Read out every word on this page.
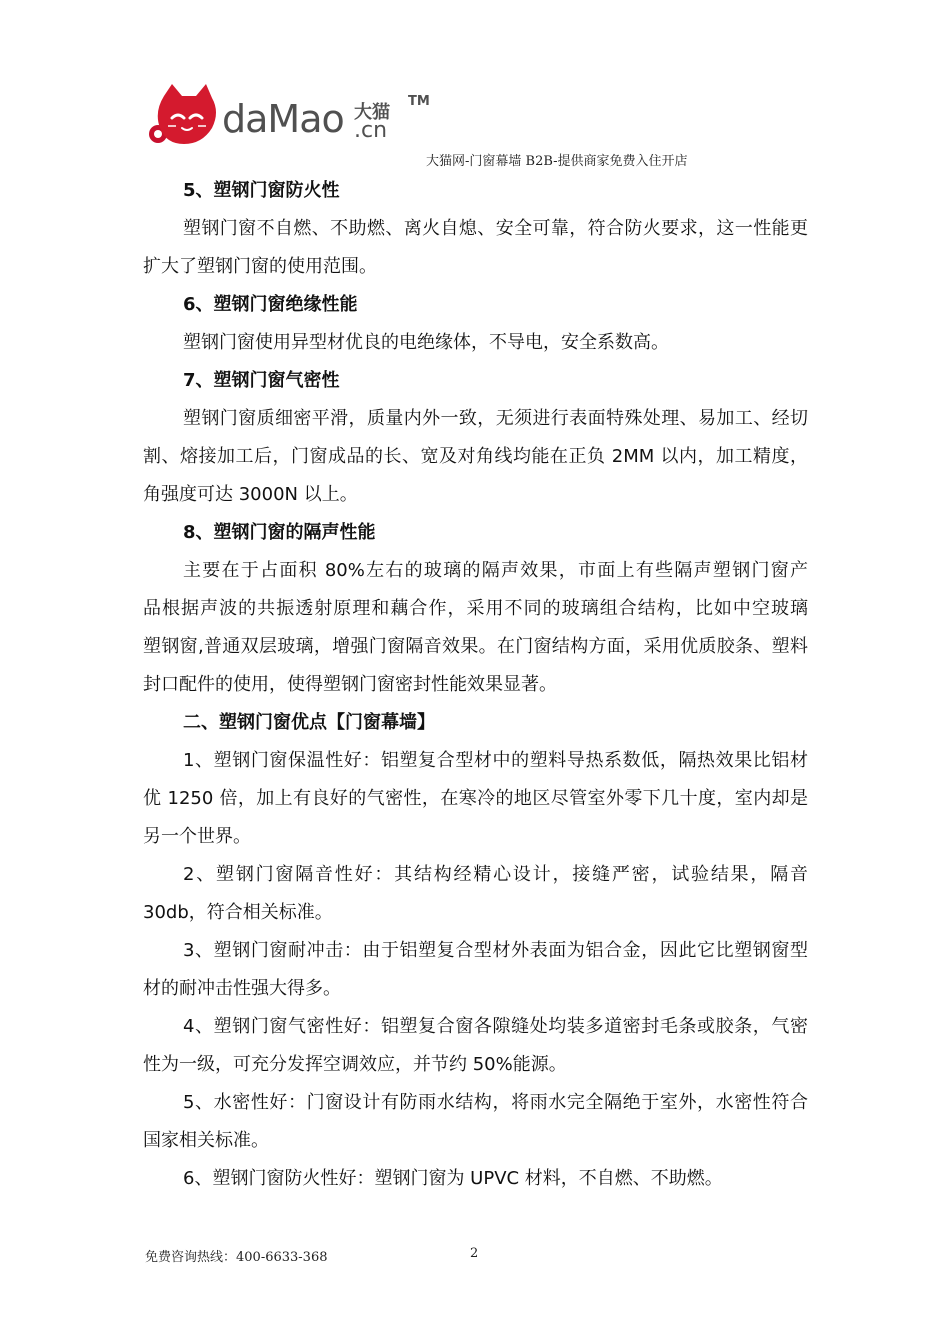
daMao 大猫
.cn
TM
大猫网-门窗幕墙 B2B-提供商家免费入住开店
5、塑钢门窗防火性
塑钢门窗不自燃、不助燃、离火自熄、安全可靠，符合防火要求，这一性能更
扩大了塑钢门窗的使用范围。
6、塑钢门窗绝缘性能
塑钢门窗使用异型材优良的电绝缘体，不导电，安全系数高。
7、塑钢门窗气密性
塑钢门窗质细密平滑，质量内外一致，无须进行表面特殊处理、易加工、经切
割、熔接加工后，门窗成品的长、宽及对角线均能在正负 2MM 以内，加工精度，
角强度可达 3000N 以上。
8、塑钢门窗的隔声性能
主要在于占面积 80%左右的玻璃的隔声效果，市面上有些隔声塑钢门窗产
品根据声波的共振透射原理和藕合作，采用不同的玻璃组合结构，比如中空玻璃
塑钢窗,普通双层玻璃，增强门窗隔音效果。在门窗结构方面，采用优质胶条、塑料
封口配件的使用，使得塑钢门窗密封性能效果显著。
二、塑钢门窗优点【门窗幕墙】
1、塑钢门窗保温性好：铝塑复合型材中的塑料导热系数低，隔热效果比铝材
优 1250 倍，加上有良好的气密性，在寒冷的地区尽管室外零下几十度，室内却是
另一个世界。
2、塑钢门窗隔音性好：其结构经精心设计，接缝严密，试验结果，隔音
30db，符合相关标准。
3、塑钢门窗耐冲击：由于铝塑复合型材外表面为铝合金，因此它比塑钢窗型
材的耐冲击性强大得多。
4、塑钢门窗气密性好：铝塑复合窗各隙缝处均装多道密封毛条或胶条，气密
性为一级，可充分发挥空调效应，并节约 50%能源。
5、水密性好：门窗设计有防雨水结构，将雨水完全隔绝于室外，水密性符合
国家相关标准。
6、塑钢门窗防火性好：塑钢门窗为 UPVC 材料，不自燃、不助燃。
免费咨询热线：400-6633-368	2
